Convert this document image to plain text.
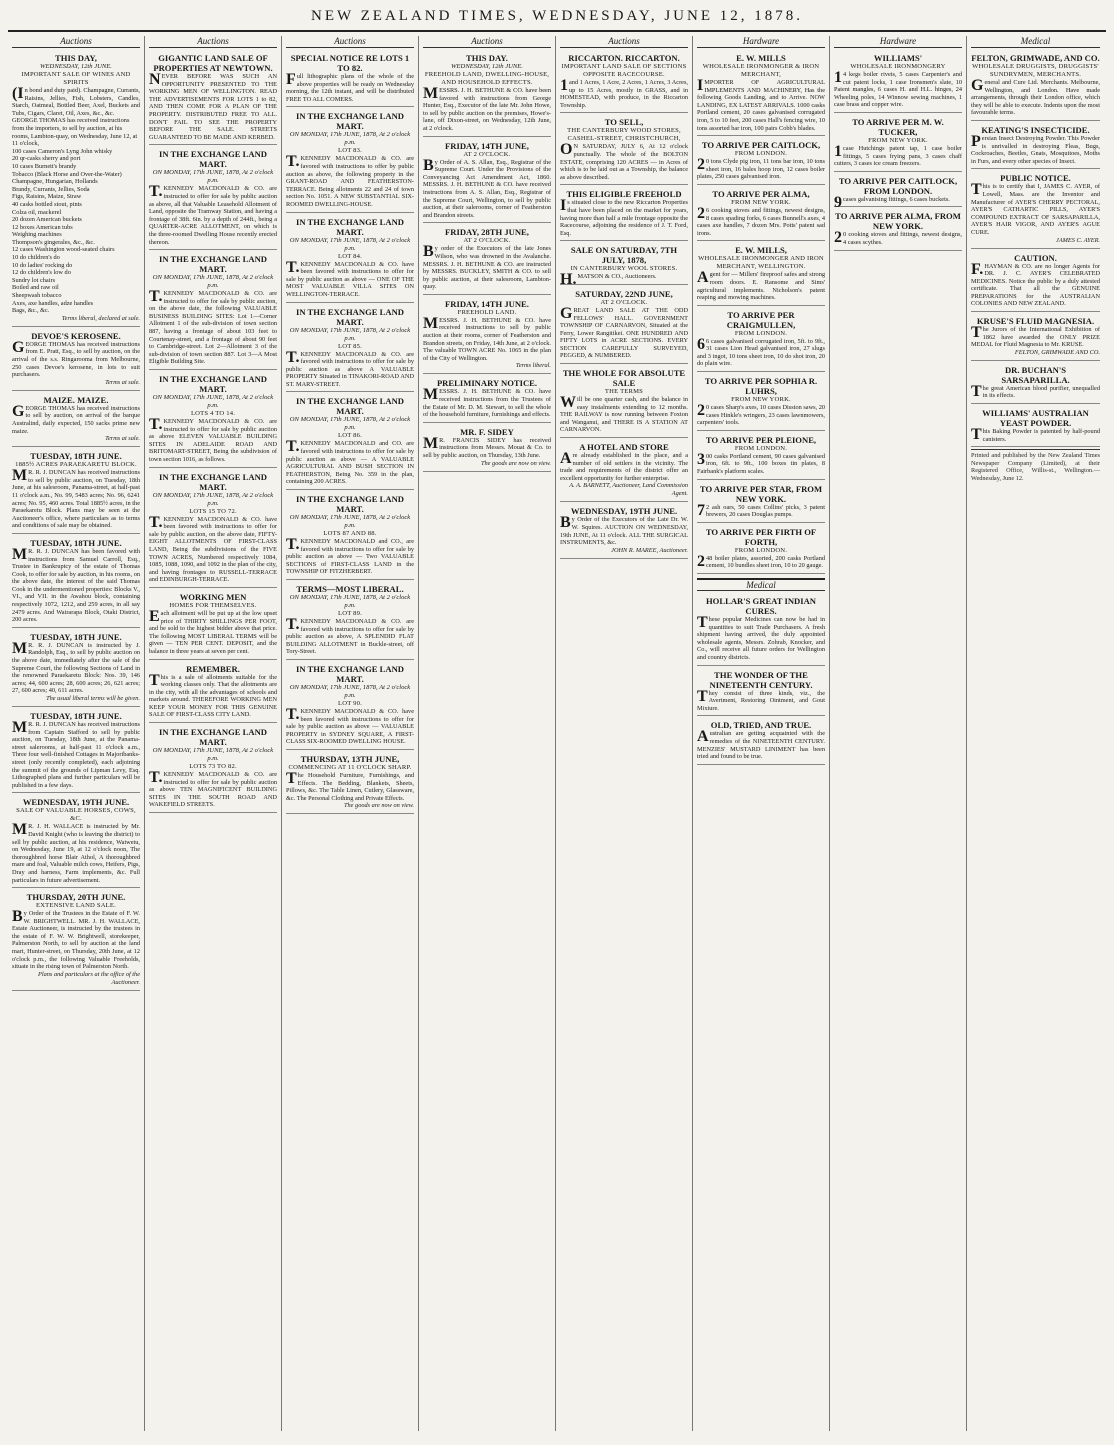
NEW ZEALAND TIMES, WEDNESDAY, JUNE 12, 1878.
Auctions
THIS DAY,
WEDNESDAY, 12th JUNE.
IMPORTANT SALE OF WINES AND SPIRITS
(In bond and duty paid). Champagne, Currants, Raisins, Jellies, Fish, Lobsters, Candles, Starch, Oatmeal, Bottled Beer, Axel, Buckets and Tubs, Cigars, Claret, Oil, Axes, &c., &c.
GEORGE THOMAS has received instructions from the importers, to sell by auction, at his rooms, Lambton-quay, on Wednesday, June 12, at 11 o'clock,
100 cases Cameron's Lyng John whisky
20 qr-casks sherry and port
10 cases Burnett's brandy
Tobacco (Black Horse and Over-the-Water)
Champagne, Hungarian, Hollands
Brandy, Currants, Jellies, Soda
Figs, Raisins, Maize, Straw
40 casks bottled stout, pints
Colza oil, mackerel
20 dozen American buckets
12 boxes American tubs
Weighing machines
Thompson's gingerales, &c., &c.
12 cases Washington wood-seated chairs
10 do children's do
10 do ladies' rocking do
12 do children's low do
Sundry lot chairs
Boiled and raw oil
Sheepwash tobacco
Axes, axe handles, adze handles
Bags, &c., &c.
Terms liberal, declared at sale.
DEVOE'S KEROSENE.
GEORGE THOMAS has received instructions from E. Pratt, Esq., to sell by auction, on the arrival of the s.s. Ringarooma from Melbourne, 250 cases Devoe's kerosene, in lots to suit purchasers.
Terms at sale.
MAIZE. MAIZE.
GEORGE THOMAS has received instructions to sell by auction, on arrival of the barque Australind, daily expected, 150 sacks prime new maize.
Terms at sale.
TUESDAY, 18TH JUNE.
1885½ ACRES PARAEKARETU BLOCK.
MR. R. J. DUNCAN has received instructions to sell by public auction, on Tuesday, 18th June, at his salesroom, Panama-street, at half-past 11 o'clock a.m., No. 99, 5483 acres; No. 96, 6241 acres; No. 95, 460 acres. Total 1885½ acres, in the Paraekaretu Block. Plans may be seen at the Auctioneer's office, where particulars as to terms and conditions of sale may be obtained.
TUESDAY, 18TH JUNE.
MR. R. J. DUNCAN has been favored with instructions from Samuel Carroll, Esq., Trustee in Bankruptcy of the estate of Thomas Cook, to offer for sale by auction, in his rooms, on the above date, the interest of the said Thomas Cook in the undermentioned properties: Blocks V., VI., and VII. in the Awahou block, containing respectively 1072, 1212, and 259 acres, in all say 2479 acres. And Wairarapa Block, Otaki District, 200 acres.
TUESDAY, 18TH JUNE.
MR. R. J. DUNCAN is instructed by J. Randolph, Esq., to sell by public auction on the above date, immediately after the sale of the Supreme Court, the following Sections of Land in the renowned Paraekaretu Block: Nos. 39, 146 acres; 44, 600 acres; 28, 600 acres; 26, 621 acres; 27, 600 acres; 40, 611 acres.
The usual liberal terms will be given.
TUESDAY, 18TH JUNE.
MR. R. J. DUNCAN has received instructions from Captain Stafford to sell by public auction, on Tuesday, 18th June, at the Panama-street salerooms, at half-past 11 o'clock a.m., Three four well-finished Cottages in Majoribanks-street (only recently completed), each adjoining the summit of the grounds of Lipman Levy, Esq. Lithographed plans and further particulars will be published in a few days.
WEDNESDAY, 19TH JUNE.
SALE OF VALUABLE HORSES, COWS, &C.
MR. J. H. WALLACE is instructed by Mr. David Knight (who is leaving the district) to sell by public auction, at his residence, Waiwetu, on Wednesday, June 19, at 12 o'clock noon, The thoroughbred horse Blair Athol, A thoroughbred mare and foal, Valuable milch cows, Heifers, Pigs, Dray and harness, Farm implements, &c. Full particulars in future advertisement.
THURSDAY, 20TH JUNE.
EXTENSIVE LAND SALE.
By Order of the Trustees in the Estate of F. W. W. BRIGHTWELL. MR. J. H. WALLACE, Estate Auctioneer, is instructed by the trustees in the estate of F. W. W. Brightwell, storekeeper, Palmerston North, to sell by auction at the land mart, Hunter-street, on Thursday, 20th June, at 12 o'clock p.m., the following Valuable Freeholds, situate in the rising town of Palmerston North.
Plans and particulars at the office of the Auctioneer.
Auctions
GIGANTIC LAND SALE OF PROPERTIES AT NEWTOWN.
NEVER BEFORE WAS SUCH AN OPPORTUNITY PRESENTED TO THE WORKING MEN OF WELLINGTON. READ THE ADVERTISEMENTS FOR LOTS 1 to 82, AND THEN COME FOR A PLAN OF THE PROPERTY. DISTRIBUTED FREE TO ALL. DON'T FAIL TO SEE THE PROPERTY BEFORE THE SALE. STREETS GUARANTEED TO BE MADE AND KERBED.
IN THE EXCHANGE LAND MART.
ON MONDAY, 17th JUNE, 1878, At 2 o'clock p.m.
T.KENNEDY MACDONALD & CO. are instructed to offer for sale by public auction as above, all that Valuable Leasehold Allotment of Land, opposite the Tramway Station, and having a frontage of 38ft. 6in. by a depth of 244ft., being a QUARTER-ACRE ALLOTMENT, on which is the three-roomed Dwelling House recently erected thereon.
IN THE EXCHANGE LAND MART.
ON MONDAY, 17th JUNE, 1878, At 2 o'clock p.m.
T.KENNEDY MACDONALD & CO. are instructed to offer for sale by public auction, on the above date, the following VALUABLE BUSINESS BUILDING SITES: Lot 1—Corner Allotment 1 of the sub-division of town section 887, having a frontage of about 103 feet to Courtenay-street, and a frontage of about 90 feet to Cambridge-street. Lot 2—Allotment 3 of the sub-division of town section 887. Lot 3—A Most Eligible Building Site.
IN THE EXCHANGE LAND MART.
ON MONDAY, 17th JUNE, 1878, At 2 o'clock p.m.
LOTS 4 TO 14.
T.KENNEDY MACDONALD & CO. are instructed to offer for sale by public auction as above ELEVEN VALUABLE BUILDING SITES IN ADELAIDE ROAD AND BRITOMART-STREET, Being the subdivision of town section 1016, as follows.
IN THE EXCHANGE LAND MART.
ON MONDAY, 17th JUNE, 1878, At 2 o'clock p.m.
LOTS 15 TO 72.
T.KENNEDY MACDONALD & CO. have been favored with instructions to offer for sale by public auction, on the above date, FIFTY-EIGHT ALLOTMENTS OF FIRST-CLASS LAND, Being the subdivisions of the FIVE TOWN ACRES, Numbered respectively 1084, 1085, 1088, 1090, and 1092 in the plan of the city, and having frontages to RUSSELL-TERRACE and EDINBURGH-TERRACE.
WORKING MEN
HOMES FOR THEMSELVES.
Each allotment will be put up at the low upset price of THIRTY SHILLINGS PER FOOT, and be sold to the highest bidder above that price. The following MOST LIBERAL TERMS will be given — TEN PER CENT. DEPOSIT, and the balance in three years at seven per cent.
REMEMBER.
This is a sale of allotments suitable for the working classes only. That the allotments are in the city, with all the advantages of schools and markets around. THEREFORE WORKING MEN KEEP YOUR MONEY FOR THIS GENUINE SALE OF FIRST-CLASS CITY LAND.
IN THE EXCHANGE LAND MART.
ON MONDAY, 17th JUNE, 1878, At 2 o'clock p.m.
LOTS 73 TO 82.
T.KENNEDY MACDONALD & CO. are instructed to offer for sale by public auction as above TEN MAGNIFICENT BUILDING SITES IN THE SOUTH ROAD AND WAKEFIELD STREETS.
Auctions
SPECIAL NOTICE RE LOTS 1 TO 82.
Full lithographic plans of the whole of the above properties will be ready on Wednesday morning, the 12th instant, and will be distributed FREE TO ALL COMERS.
IN THE EXCHANGE LAND MART.
ON MONDAY, 17th JUNE, 1878, At 2 o'clock p.m.
LOT 83.
T.KENNEDY MACDONALD & CO. are favored with instructions to offer by public auction as above, the following property in the GRANT-ROAD AND FEATHERSTON-TERRACE. Being allotments 22 and 24 of town section No. 1051. A NEW SUBSTANTIAL SIX-ROOMED DWELLING-HOUSE.
IN THE EXCHANGE LAND MART.
ON MONDAY, 17th JUNE, 1878, At 2 o'clock p.m.
LOT 84.
T.KENNEDY MACDONALD & CO. have been favored with instructions to offer for sale by public auction as above — ONE OF THE MOST VALUABLE VILLA SITES ON WELLINGTON-TERRACE.
IN THE EXCHANGE LAND MART.
ON MONDAY, 17th JUNE, 1878, At 2 o'clock p.m.
LOT 85.
T.KENNEDY MACDONALD & CO. are favored with instructions to offer for sale by public auction as above A VALUABLE PROPERTY Situated in TINAKORI-ROAD AND ST. MARY-STREET.
IN THE EXCHANGE LAND MART.
ON MONDAY, 17th JUNE, 1878, At 2 o'clock p.m.
LOT 86.
T.KENNEDY MACDONALD and CO. are favored with instructions to offer for sale by public auction as above — A VALUABLE AGRICULTURAL AND BUSH SECTION IN FEATHERSTON, Being No. 359 in the plan, containing 200 ACRES.
IN THE EXCHANGE LAND MART.
ON MONDAY, 17th JUNE, 1878, At 2 o'clock p.m.
LOTS 87 AND 88.
T.KENNEDY MACDONALD and CO., are favored with instructions to offer for sale by public auction as above — Two VALUABLE SECTIONS of FIRST-CLASS LAND in the TOWNSHIP OF FITZHERBERT.
TERMS—MOST LIBERAL.
ON MONDAY, 17th JUNE, 1878, At 2 o'clock p.m.
LOT 89.
T.KENNEDY MACDONALD & CO. are favored with instructions to offer for sale by public auction as above, A SPLENDID FLAT BUILDING ALLOTMENT in Buckle-street, off Tory-Street.
IN THE EXCHANGE LAND MART.
ON MONDAY, 17th JUNE, 1878, At 2 o'clock p.m.
LOT 90.
T.KENNEDY MACDONALD & CO. have been favored with instructions to offer for sale by public auction as above — VALUABLE PROPERTY in SYDNEY SQUARE, A FIRST-CLASS SIX-ROOMED DWELLING HOUSE.
THURSDAY, 13TH JUNE,
COMMENCING AT 11 O'CLOCK SHARP.
The Household Furniture, Furnishings, and Effects. The Bedding, Blankets, Sheets, Pillows, &c. The Table Linen, Cutlery, Glassware, &c. The Personal Clothing and Private Effects.
The goods are now on view.
Auctions
THIS DAY.
WEDNESDAY, 12th JUNE.
FREEHOLD LAND, DWELLING-HOUSE, AND HOUSEHOLD EFFECTS.
MESSRS. J. H. BETHUNE & CO. have been favored with instructions from George Hunter, Esq., Executor of the late Mr. John Howe, to sell by public auction on the premises, Howe's-lane, off Dixon-street, on Wednesday, 12th June, at 2 o'clock.
FRIDAY, 14TH JUNE,
AT 2 O'CLOCK.
By Order of A. S. Allan, Esq., Registrar of the Supreme Court. Under the Provisions of the Conveyancing Act Amendment Act, 1860. MESSRS. J. H. BETHUNE & CO. have received instructions from A. S. Allan, Esq., Registrar of the Supreme Court, Wellington, to sell by public auction, at their salerooms, corner of Featherston and Brandon streets.
FRIDAY, 28TH JUNE,
AT 2 O'CLOCK.
By order of the Executors of the late Jones Wilson, who was drowned in the Avalanche. MESSRS. J. H. BETHUNE & CO. are instructed by MESSRS. BUCKLEY, SMITH & CO. to sell by public auction, at their salesroom, Lambton-quay.
FRIDAY, 14TH JUNE.
FREEHOLD LAND.
MESSRS. J. H. BETHUNE & CO. have received instructions to sell by public auction at their rooms, corner of Featherston and Brandon streets, on Friday, 14th June, at 2 o'clock. The valuable TOWN ACRE No. 1065 in the plan of the City of Wellington.
Terms liberal.
PRELIMINARY NOTICE.
MESSRS. J. H. BETHUNE & CO. have received instructions from the Trustees of the Estate of Mr. D. M. Stewart, to sell the whole of the household furniture, furnishings and effects.
MR. F. SIDEY
MR. FRANCIS SIDEY has received instructions from Messrs. Mouat & Co. to sell by public auction, on Thursday, 13th June.
The goods are now on view.
Auctions
RICCARTON. RICCARTON.
IMPORTANT LAND SALE OF SECTIONS OPPOSITE RACECOURSE.
1and 1 Acres, 1 Acre, 2 Acres, 1 Acres, 3 Acres, up to 15 Acres, mostly in GRASS, and in HOMESTEAD, with produce, in the Riccarton Township.
TO SELL,
THE CANTERBURY WOOD STORES, CASHEL-STREET, CHRISTCHURCH,
ON SATURDAY, JULY 6, At 12 o'clock punctually. The whole of the BOLTON ESTATE, comprising 120 ACRES — in Acres of which is to be laid out as a Township, the balance as above described.
THIS ELIGIBLE FREEHOLD
Is situated close to the new Riccarton Properties that have been placed on the market for years, having more than half a mile frontage opposite the Racecourse, adjoining the residence of J. T. Ford, Esq.
SALE ON SATURDAY, 7TH JULY, 1878,
IN CANTERBURY WOOL STORES.
H.MATSON & CO., Auctioneers.
SATURDAY, 22ND JUNE,
AT 2 O'CLOCK.
GREAT LAND SALE AT THE ODD FELLOWS' HALL. GOVERNMENT TOWNSHIP OF CARNARVON, Situated at the Ferry, Lower Rangitikei. ONE HUNDRED AND FIFTY LOTS in ACRE SECTIONS. EVERY SECTION CAREFULLY SURVEYED, PEGGED, & NUMBERED.
THE WHOLE FOR ABSOLUTE SALE
THE TERMS
Will be one quarter cash, and the balance in easy instalments extending to 12 months. THE RAILWAY is now running between Foxton and Wanganui, and THERE IS A STATION AT CARNARVON.
A HOTEL AND STORE
Are already established in the place, and a number of old settlers in the vicinity. The trade and requirements of the district offer an excellent opportunity for further enterprise.
A. A. BARNETT, Auctioneer, Land Commission Agent.
WEDNESDAY, 19TH JUNE.
By Order of the Executors of the Late Dr. W. W. Squires. AUCTION ON WEDNESDAY, 19th JUNE, At 11 o'clock. ALL THE SURGICAL INSTRUMENTS, &c.
JOHN R. MAREE, Auctioneer.
Hardware
E. W. MILLS
WHOLESALE IRONMONGER & IRON MERCHANT,
IMPORTER OF AGRICULTURAL IMPLEMENTS AND MACHINERY, Has the following Goods Landing, and to Arrive. NOW LANDING, EX LATEST ARRIVALS. 1000 casks Portland cement, 20 cases galvanised corrugated iron, 5 to 10 feet, 200 cases Hall's fencing wire, 10 tons assorted bar iron, 100 pairs Cobb's blades.
TO ARRIVE PER CAITLOCK,
FROM LONDON.
20 tons Clyde pig iron, 11 tons bar iron, 10 tons sheet iron, 16 bales hoop iron, 12 cases boiler plates, 250 cases galvanised iron.
TO ARRIVE PER ALMA,
FROM NEW YORK.
26 cooking stoves and fittings, newest designs, 8 cases spading forks, 6 cases Bunnell's axes, 4 cases axe handles, 7 dozen Mrs. Potts' patent sad irons.
E. W. MILLS,
WHOLESALE IRONMONGER AND IRON MERCHANT, WELLINGTON.
Agent for — Millers' fireproof safes and strong room doors. E. Ransome and Sims' agricultural implements. Nicholson's patent reaping and mowing machines.
TO ARRIVE PER CRAIGMULLEN,
FROM LONDON.
66 cases galvanised corrugated iron, 5ft. to 9ft., 31 cases Lion Head galvanised iron, 27 slugs and 3 ingot, 10 tons sheet iron, 10 do shot iron, 20 do plain wire.
TO ARRIVE PER SOPHIA R. LUHRS,
FROM NEW YORK.
20 cases Sharp's axes, 10 cases Disston saws, 20 cases Hinkle's wringers, 23 cases lawnmowers, carpenters' tools.
TO ARRIVE PER PLEIONE,
FROM LONDON.
300 casks Portland cement, 90 cases galvanised iron, 6ft. to 9ft., 100 boxes tin plates, 8 Fairbank's platform scales.
TO ARRIVE PER STAR, FROM NEW YORK.
72 ash oars, 50 cases Collins' picks, 3 patent brewers, 20 cases Douglas pumps.
TO ARRIVE PER FIRTH OF FORTH,
FROM LONDON.
248 boiler plates, assorted, 200 casks Portland cement, 10 bundles sheet iron, 10 to 20 gauge.
Medical
HOLLAR'S GREAT INDIAN CURES.
These popular Medicines can now be had in quantities to suit Trade Purchasers. A fresh shipment having arrived, the duly appointed wholesale agents, Messrs. Zohrab, Knocker, and Co., will receive all future orders for Wellington and country districts.
THE WONDER OF THE NINETEENTH CENTURY.
They consist of three kinds, viz., the Avertment, Restoring Ointment, and Gout Mixture.
OLD, TRIED, AND TRUE.
Australian are getting acquainted with the remedies of the NINETEENTH CENTURY. MENZIES' MUSTARD LINIMENT has been tried and found to be true.
Hardware
WILLIAMS'
WHOLESALE IRONMONGERY
14 kegs boiler rivets, 5 cases Carpenter's and cut patent locks, 1 case Ironsmen's slate, 10 Patent mangles, 6 cases H. and H.L. hinges, 24 Wheeling poles, 14 Winnow sewing machines, 1 case brass and copper wire.
TO ARRIVE PER M. W. TUCKER,
FROM NEW YORK.
1case Hutchings patent tap, 1 case boiler fittings, 5 cases frying pans, 3 cases chaff cutters, 3 cases ice cream freezers.
TO ARRIVE PER CAITLOCK, FROM LONDON.
9cases galvanising fittings, 6 cases buckets.
TO ARRIVE PER ALMA, FROM NEW YORK.
20 cooking stoves and fittings, newest designs, 4 cases scythes.
Medical
FELTON, GRIMWADE, AND CO.
WHOLESALE DRUGGISTS, DRUGGISTS' SUNDRYMEN, MERCHANTS.
General and Cure Ltd. Merchants. Melbourne, Wellington, and London. Have made arrangements, through their London office, which they will be able to execute. Indents upon the most favourable terms.
KEATING'S INSECTICIDE.
Persian Insect Destroying Powder. This Powder is unrivalled in destroying Fleas, Bugs, Cockroaches, Beetles, Gnats, Mosquitoes, Moths in Furs, and every other species of Insect.
PUBLIC NOTICE.
This is to certify that I, JAMES C. AYER, of Lowell, Mass. are the Inventor and Manufacturer of AYER'S CHERRY PECTORAL, AYER'S CATHARTIC PILLS, AYER'S COMPOUND EXTRACT OF SARSAPARILLA, AYER'S HAIR VIGOR, AND AYER'S AGUE CURE.
JAMES C. AYER.
CAUTION.
F.HAYMAN & CO. are no longer Agents for DR. J. C. AYER'S CELEBRATED MEDICINES. Notice the public by a duly attested certificate. That all the GENUINE PREPARATIONS for the AUSTRALIAN COLONIES AND NEW ZEALAND.
KRUSE'S FLUID MAGNESIA.
The Jurors of the International Exhibition of 1862 have awarded the ONLY PRIZE MEDAL for Fluid Magnesia to Mr. KRUSE.
FELTON, GRIMWADE AND CO.
DR. BUCHAN'S SARSAPARILLA.
The great American blood purifier, unequalled in its effects.
WILLIAMS' AUSTRALIAN YEAST POWDER.
This Baking Powder is patented by half-pound canisters.
Printed and published by the New Zealand Times Newspaper Company (Limited), at their Registered Office, Willis-st., Wellington.—Wednesday, June 12.
